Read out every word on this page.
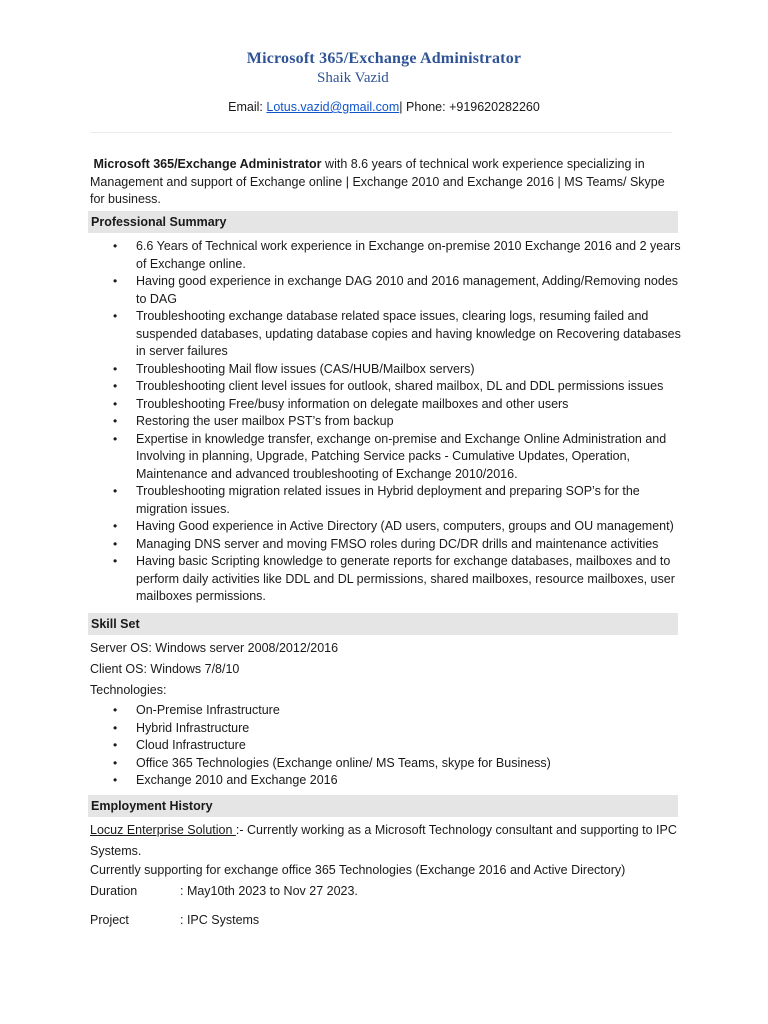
Microsoft 365/Exchange Administrator
Shaik Vazid
Email: Lotus.vazid@gmail.com| Phone: +919620282260
Microsoft 365/Exchange Administrator with 8.6 years of technical work experience specializing in Management and support of Exchange online | Exchange 2010 and Exchange 2016 | MS Teams/ Skype for business.
Professional Summary
• 6.6 Years of Technical work experience in Exchange on-premise 2010 Exchange 2016 and 2 years of Exchange online.
• Having good experience in exchange DAG 2010 and 2016 management, Adding/Removing nodes to DAG
• Troubleshooting exchange database related space issues, clearing logs, resuming failed and suspended databases, updating database copies and having knowledge on Recovering databases in server failures
• Troubleshooting Mail flow issues (CAS/HUB/Mailbox servers)
• Troubleshooting client level issues for outlook, shared mailbox, DL and DDL permissions issues
• Troubleshooting Free/busy information on delegate mailboxes and other users
• Restoring the user mailbox PST’s from backup
• Expertise in knowledge transfer, exchange on-premise and Exchange Online Administration and Involving in planning, Upgrade, Patching Service packs - Cumulative Updates, Operation, Maintenance and advanced troubleshooting of Exchange 2010/2016.
• Troubleshooting migration related issues in Hybrid deployment and preparing SOP’s for the migration issues.
• Having Good experience in Active Directory (AD users, computers, groups and OU management)
• Managing DNS server and moving FMSO roles during DC/DR drills and maintenance activities
• Having basic Scripting knowledge to generate reports for exchange databases, mailboxes and to perform daily activities like DDL and DL permissions, shared mailboxes, resource mailboxes, user mailboxes permissions.
Skill Set
Server OS: Windows server 2008/2012/2016
Client OS: Windows 7/8/10
Technologies:
• On-Premise Infrastructure
• Hybrid Infrastructure
• Cloud Infrastructure
• Office 365 Technologies (Exchange online/ MS Teams, skype for Business)
• Exchange 2010 and Exchange 2016
Employment History
Locuz Enterprise Solution :- Currently working as a Microsoft Technology consultant and supporting to IPC Systems.
Currently supporting for exchange office 365 Technologies (Exchange 2016 and Active Directory)
Duration	: May10th 2023 to Nov 27 2023.
Project	: IPC Systems
